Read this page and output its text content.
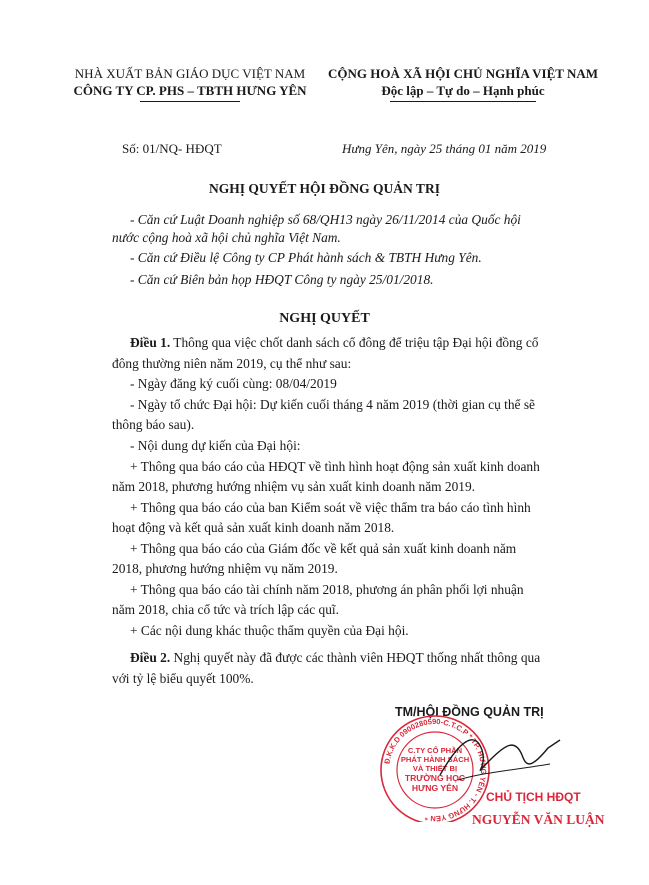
NHÀ XUẤT BẢN GIÁO DỤC VIỆT NAM
CÔNG TY CP. PHS – TBTH HƯNG YÊN
CỘNG HOÀ XÃ HỘI CHỦ NGHĨA VIỆT NAM
Độc lập – Tự do – Hạnh phúc
Số: 01/NQ- HĐQT	Hưng Yên, ngày 25 tháng 01 năm 2019
NGHỊ QUYẾT HỘI ĐỒNG QUẢN TRỊ
- Căn cứ Luật Doanh nghiệp số 68/QH13 ngày 26/11/2014 của Quốc hội
nước cộng hoà xã hội chủ nghĩa Việt Nam.
- Căn cứ Điều lệ Công ty CP Phát hành sách & TBTH Hưng Yên.
- Căn cứ Biên bản họp HĐQT Công ty ngày 25/01/2018.
NGHỊ QUYẾT
Điều 1. Thông qua việc chốt danh sách cổ đông để triệu tập Đại hội đồng cổ
đông thường niên năm 2019, cụ thể như sau:
- Ngày đăng ký cuối cùng: 08/04/2019
- Ngày tổ chức Đại hội: Dự kiến cuối tháng 4 năm 2019 (thời gian cụ thể sẽ
thông báo sau).
- Nội dung dự kiến của Đại hội:
+ Thông qua báo cáo của HĐQT về tình hình hoạt động sản xuất kinh doanh
năm 2018, phương hướng nhiệm vụ sản xuất kinh doanh năm 2019.
+ Thông qua báo cáo của ban Kiểm soát về việc thẩm tra báo cáo tình hình
hoạt động và kết quả sản xuất kinh doanh năm 2018.
+ Thông qua báo cáo của Giám đốc về kết quả sản xuất kinh doanh năm
2018, phương hướng nhiệm vụ năm 2019.
+ Thông qua báo cáo tài chính năm 2018, phương án phân phối lợi nhuận
năm 2018, chia cổ tức và trích lập các quĩ.
+ Các nội dung khác thuộc thẩm quyền của Đại hội.
Điều 2. Nghị quyết này đã được các thành viên HĐQT thống nhất thông qua
với tỷ lệ biểu quyết 100%.
TM/HỘI ĐỒNG QUẢN TRỊ
Đ.K.K.D 0900280590-C.T.C.P * TP. HƯNG YÊN - T. HƯNG YÊN *
C.TY CỔ PHẦN
PHÁT HÀNH SÁCH
VÀ THIẾT BỊ
TRƯỜNG HỌC
HƯNG YÊN
CHỦ TỊCH HĐQT
NGUYỄN VĂN LUẬN
